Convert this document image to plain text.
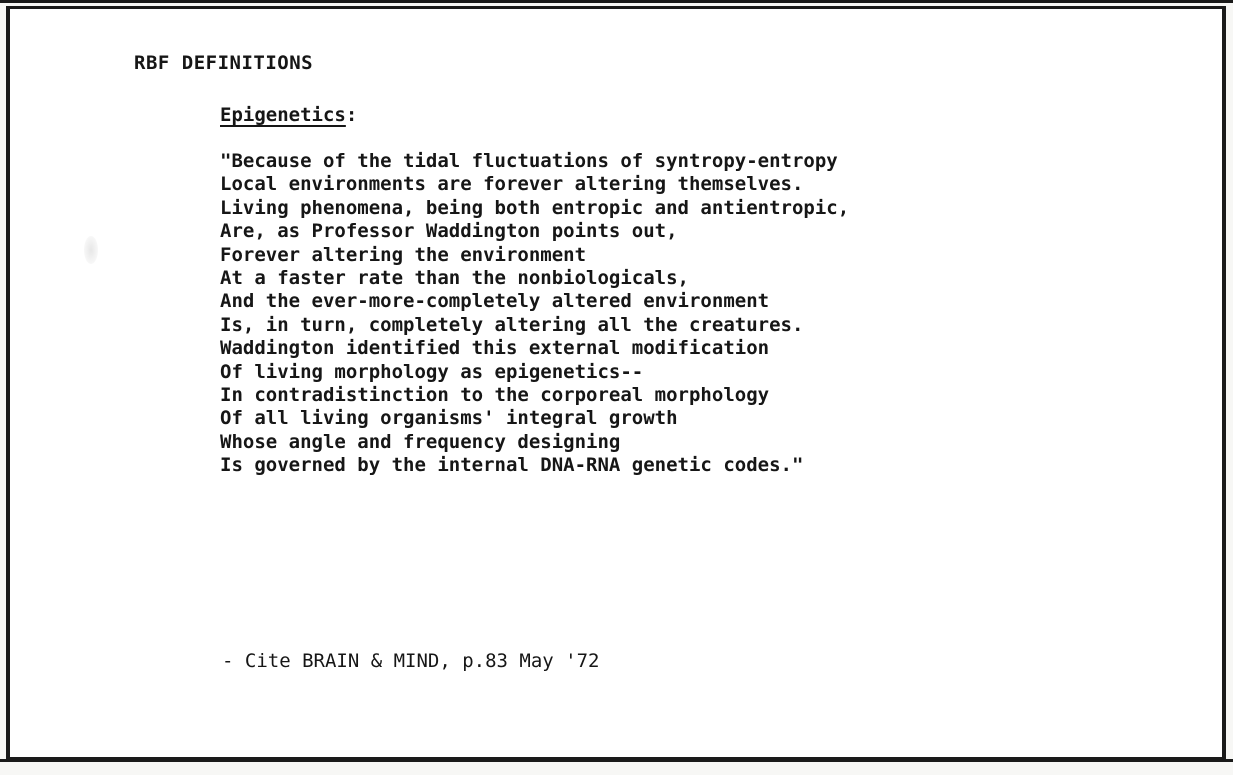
RBF DEFINITIONS
Epigenetics:
"Because of the tidal fluctuations of syntropy-entropy
Local environments are forever altering themselves.
Living phenomena, being both entropic and antientropic,
Are, as Professor Waddington points out,
Forever altering the environment
At a faster rate than the nonbiologicals,
And the ever-more-completely altered environment
Is, in turn, completely altering all the creatures.
Waddington identified this external modification
Of living morphology as epigenetics--
In contradistinction to the corporeal morphology
Of all living organisms' integral growth
Whose angle and frequency designing
Is governed by the internal DNA-RNA genetic codes."
- Cite BRAIN & MIND, p.83 May '72
